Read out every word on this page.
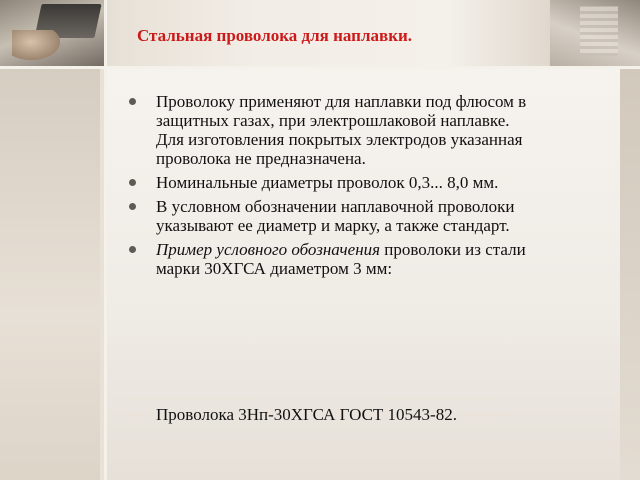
Стальная проволока для наплавки.
Проволоку применяют для наплавки под флюсом в защитных газах, при электрошлаковой наплавке. Для изготовления покрытых электродов указанная проволока не предназначена.
Номинальные диаметры проволок 0,3... 8,0 мм.
В условном обозначении наплавочной проволоки указывают ее диаметр и марку, а также стандарт.
Пример условного обозначения проволоки из стали марки 30ХГСА диаметром 3 мм:

Проволока 3Нп-30ХГСА ГОСТ 10543-82.
